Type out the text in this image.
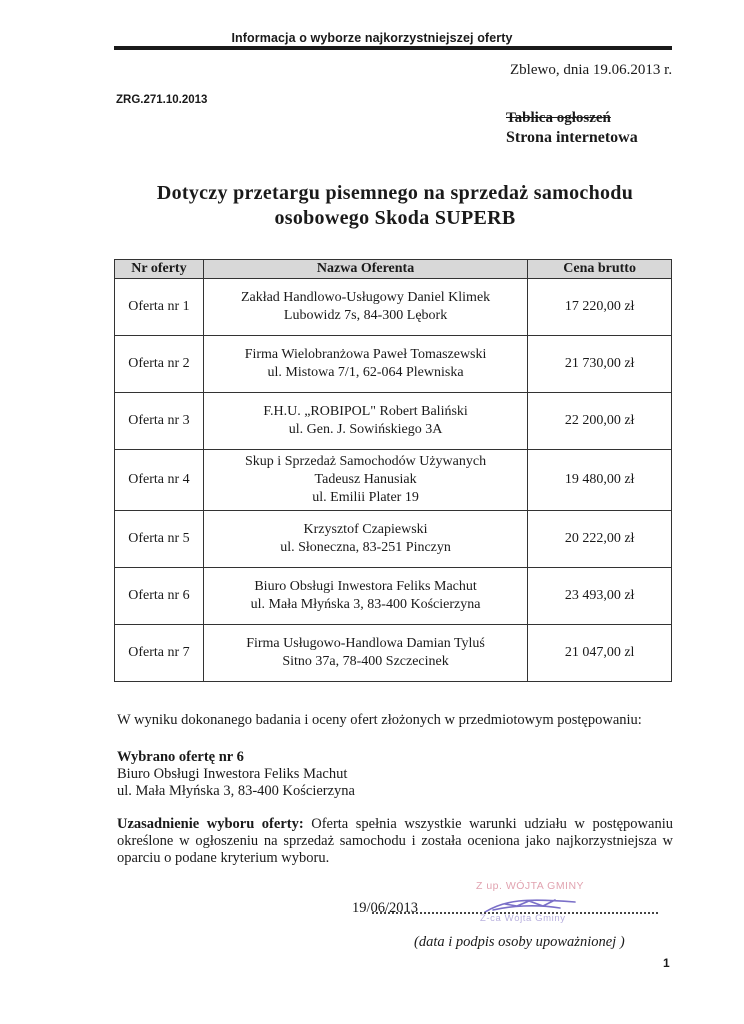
Informacja o wyborze najkorzystniejszej oferty
Zblewo, dnia 19.06.2013 r.
ZRG.271.10.2013
Tablica ogłoszeń
Strona internetowa
Dotyczy przetargu pisemnego na sprzedaż samochodu
osobowego Skoda SUPERB
Nr oferty	Nazwa Oferenta	Cena brutto
Oferta nr 1	Zakład Handlowo-Usługowy Daniel Klimek
Lubowidz 7s, 84-300 Lębork	17 220,00 zł
Oferta nr 2	Firma Wielobranżowa Paweł Tomaszewski
ul. Mistowa 7/1, 62-064 Plewniska	21 730,00 zł
Oferta nr 3	F.H.U. „ROBIPOL" Robert Baliński
ul. Gen. J. Sowińskiego 3A	22 200,00 zł
Oferta nr 4	Skup i Sprzedaż Samochodów Używanych
Tadeusz Hanusiak
ul. Emilii Plater 19	19 480,00 zł
Oferta nr 5	Krzysztof Czapiewski
ul. Słoneczna, 83-251 Pinczyn	20 222,00 zł
Oferta nr 6	Biuro Obsługi Inwestora Feliks Machut
ul. Mała Młyńska 3, 83-400 Kościerzyna	23 493,00 zł
Oferta nr 7	Firma Usługowo-Handlowa Damian Tyluś
Sitno 37a, 78-400 Szczecinek	21 047,00 zl
W wyniku dokonanego badania i oceny ofert złożonych w przedmiotowym postępowaniu:
Wybrano ofertę nr 6
Biuro Obsługi Inwestora Feliks Machut
ul. Mała Młyńska 3, 83-400 Kościerzyna
Uzasadnienie wyboru oferty: Oferta spełnia wszystkie warunki udziału w postępowaniu określone w ogłoszeniu na sprzedaż samochodu i została oceniona jako najkorzystniejsza w oparciu o podane kryterium wyboru.
Z up. WÓJTA GMINY
Z-ca Wójta Gminy
19/06/2013
(data i podpis osoby upoważnionej )
1
